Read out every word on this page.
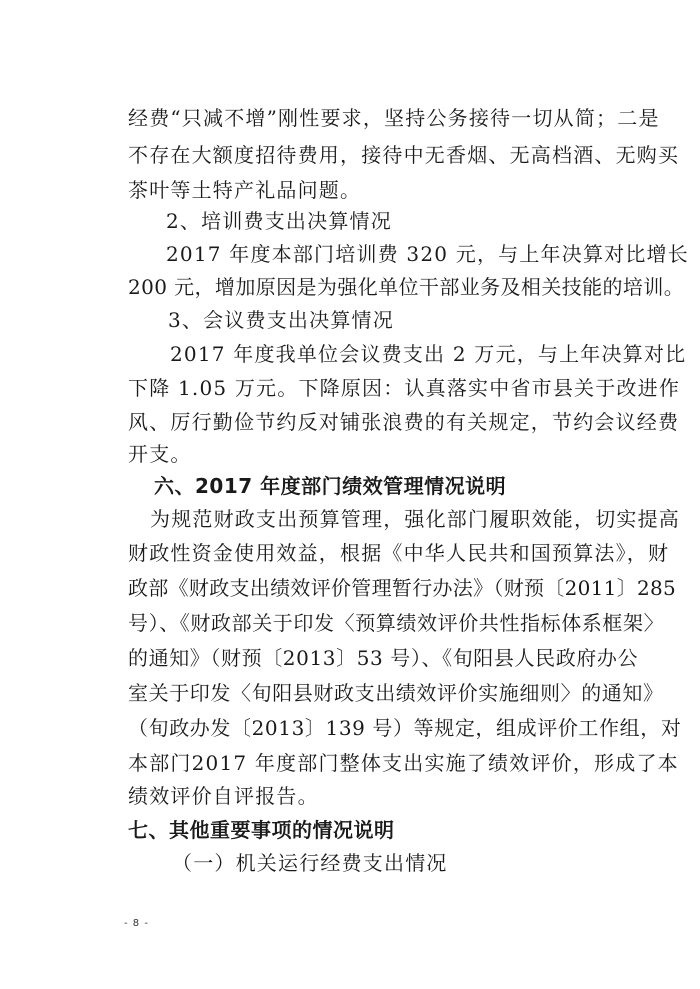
经费“只减不增”刚性要求，坚持公务接待一切从简；二是
不存在大额度招待费用，接待中无香烟、无高档酒、无购买
茶叶等土特产礼品问题。
2、培训费支出决算情况
2017 年度本部门培训费 320 元，与上年决算对比增长
200 元，增加原因是为强化单位干部业务及相关技能的培训。
3、会议费支出决算情况
2017 年度我单位会议费支出 2 万元，与上年决算对比
下降 1.05 万元。下降原因：认真落实中省市县关于改进作
风、厉行勤俭节约反对铺张浪费的有关规定，节约会议经费
开支。
六、2017 年度部门绩效管理情况说明
为规范财政支出预算管理，强化部门履职效能，切实提高
财政性资金使用效益，根据《中华人民共和国预算法》，财
政部《财政支出绩效评价管理暂行办法》（财预〔2011〕285
号）、《财政部关于印发〈预算绩效评价共性指标体系框架〉
的通知》（财预〔2013〕53 号）、《旬阳县人民政府办公
室关于印发〈旬阳县财政支出绩效评价实施细则〉的通知》
（旬政办发〔2013〕139 号）等规定，组成评价工作组，对
本部门2017 年度部门整体支出实施了绩效评价，形成了本
绩效评价自评报告。
七、其他重要事项的情况说明
（一）机关运行经费支出情况
- 8 -
